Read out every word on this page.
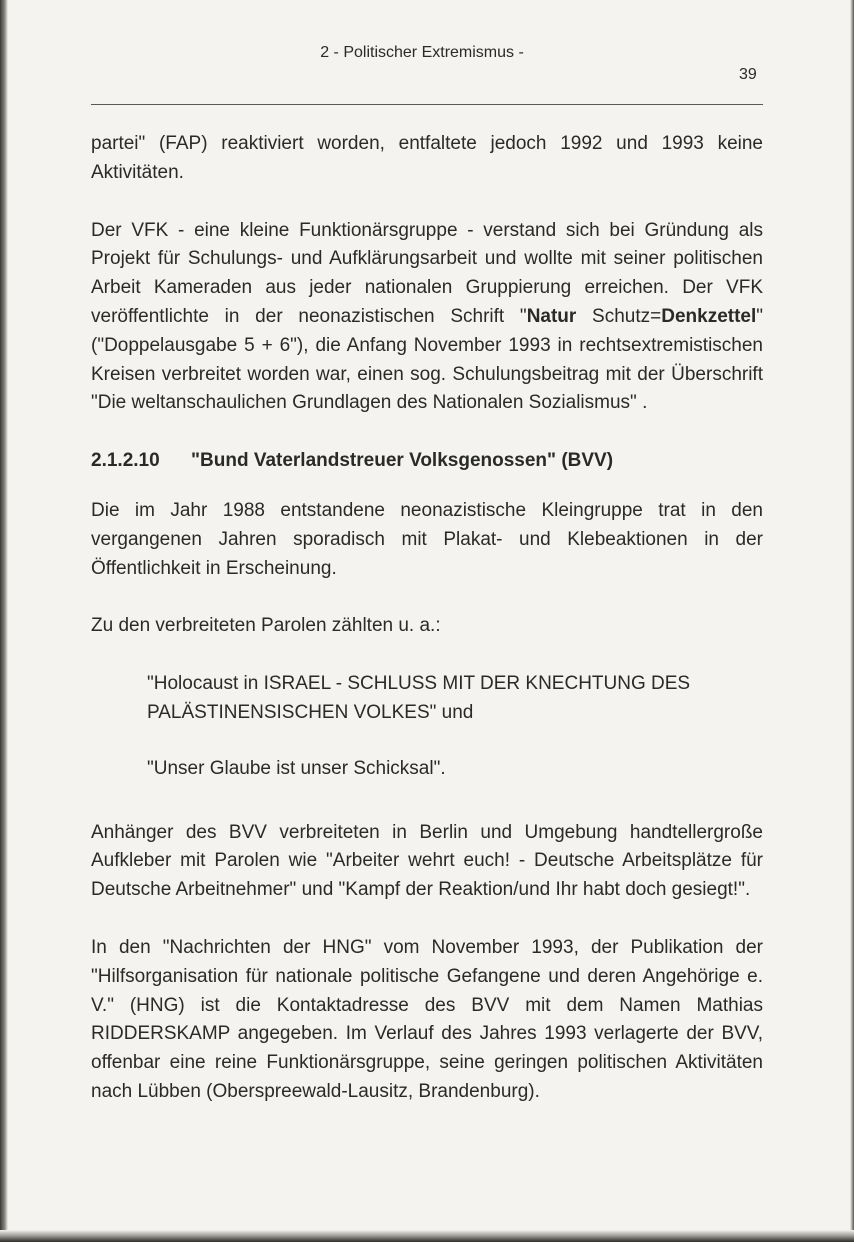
2 - Politischer Extremismus -
39

partei" (FAP) reaktiviert worden, entfaltete jedoch 1992 und 1993 keine Aktivitäten.

Der VFK - eine kleine Funktionärsgruppe - verstand sich bei Gründung als Projekt für Schulungs- und Aufklärungsarbeit und wollte mit seiner politischen Arbeit Kameraden aus jeder nationalen Gruppierung erreichen. Der VFK veröffentlichte in der neonazistischen Schrift "Natur Schutz=Denkzettel" ("Doppelausgabe 5 + 6"), die Anfang November 1993 in rechtsextremistischen Kreisen verbreitet worden war, einen sog. Schulungsbeitrag mit der Überschrift "Die weltanschaulichen Grundlagen des Nationalen Sozialismus" .

2.1.2.10 "Bund Vaterlandstreuer Volksgenossen" (BVV)

Die im Jahr 1988 entstandene neonazistische Kleingruppe trat in den vergangenen Jahren sporadisch mit Plakat- und Klebeaktionen in der Öffentlichkeit in Erscheinung.

Zu den verbreiteten Parolen zählten u. a.:

"Holocaust in ISRAEL - SCHLUSS MIT DER KNECHTUNG DES PALÄSTINENSISCHEN VOLKES" und

"Unser Glaube ist unser Schicksal".

Anhänger des BVV verbreiteten in Berlin und Umgebung handtellergroße Aufkleber mit Parolen wie "Arbeiter wehrt euch! - Deutsche Arbeitsplätze für Deutsche Arbeitnehmer" und "Kampf der Reaktion/und Ihr habt doch gesiegt!".

In den "Nachrichten der HNG" vom November 1993, der Publikation der "Hilfsorganisation für nationale politische Gefangene und deren Angehörige e. V." (HNG) ist die Kontaktadresse des BVV mit dem Namen Mathias RIDDERSKAMP angegeben. Im Verlauf des Jahres 1993 verlagerte der BVV, offenbar eine reine Funktionärsgruppe, seine geringen politischen Aktivitäten nach Lübben (Oberspreewald-Lausitz, Brandenburg).
